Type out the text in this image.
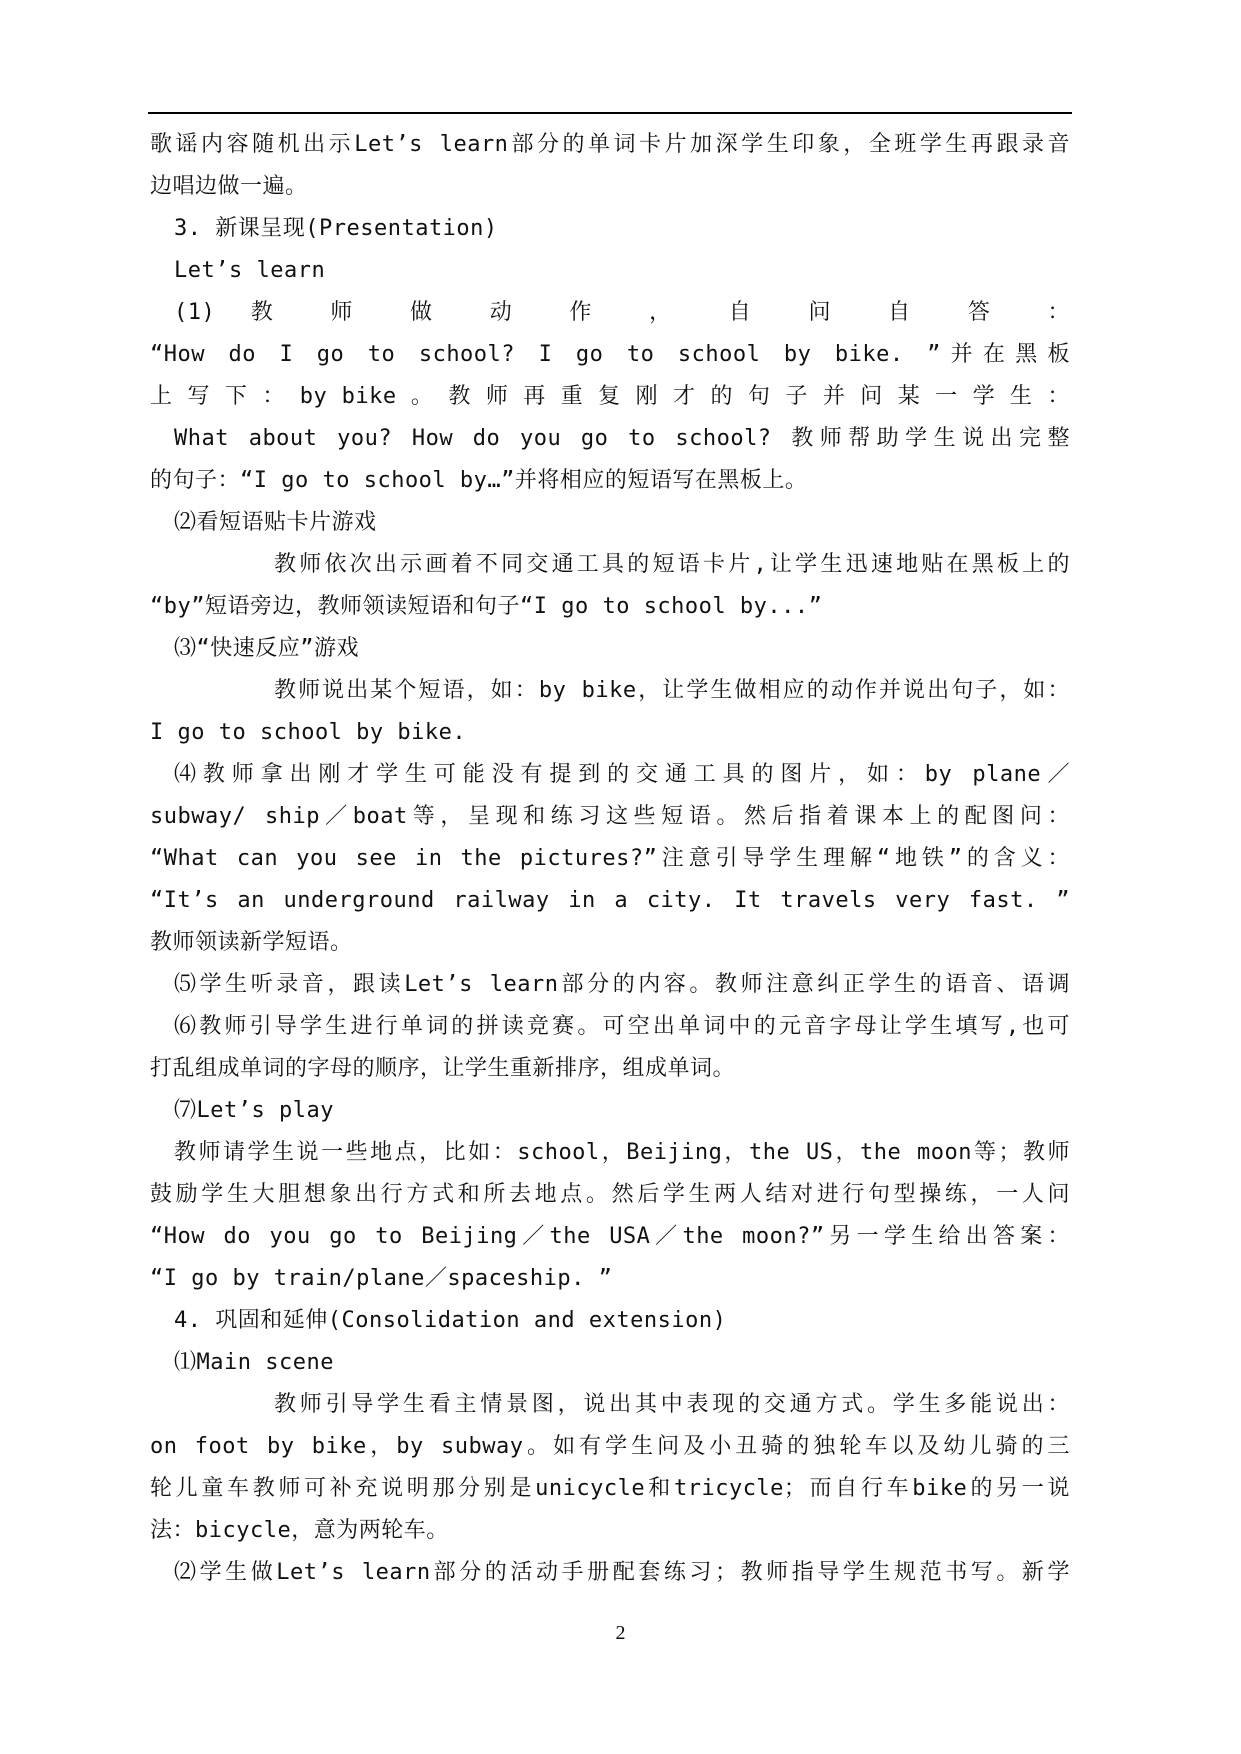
歌谣内容随机出示Let’s learn部分的单词卡片加深学生印象，全班学生再跟录音

边唱边做一遍。

3. 新课呈现(Presentation)

Let’s learn

(1) 教 师 做 动 作 ， 自 问 自 答 ：

“How do I go to school? I go to school by bike. ”并在黑板

上 写 下 ： by bike 。 教 师 再 重 复 刚 才 的 句 子 并 问 某 一 学 生 ：

What about you? How do you go to school? 教师帮助学生说出完整

的句子：“I go to school by…”并将相应的短语写在黑板上。

⑵看短语贴卡片游戏

教师依次出示画着不同交通工具的短语卡片,让学生迅速地贴在黑板上的

“by”短语旁边，教师领读短语和句子“I go to school by...”

⑶“快速反应”游戏

教师说出某个短语，如：by bike，让学生做相应的动作并说出句子，如：

I go to school by bike.

⑷教师拿出刚才学生可能没有提到的交通工具的图片，如：by plane／

subway/ ship／boat等，呈现和练习这些短语。然后指着课本上的配图问：

“What can you see in the pictures?”注意引导学生理解“地铁”的含义：

“It’s an underground railway in a city. It travels very fast. ”

教师领读新学短语。

⑸学生听录音，跟读Let’s learn部分的内容。教师注意纠正学生的语音、语调

⑹教师引导学生进行单词的拼读竞赛。可空出单词中的元音字母让学生填写,也可

打乱组成单词的字母的顺序，让学生重新排序，组成单词。

⑺Let’s play

教师请学生说一些地点，比如：school，Beijing，the US，the moon等；教师

鼓励学生大胆想象出行方式和所去地点。然后学生两人结对进行句型操练，一人问

“How do you go to Beijing／the USA／the moon?”另一学生给出答案：

“I go by train/plane／spaceship. ”

4. 巩固和延伸(Consolidation and extension)

⑴Main scene

教师引导学生看主情景图，说出其中表现的交通方式。学生多能说出：

on foot by bike，by subway。如有学生问及小丑骑的独轮车以及幼儿骑的三

轮儿童车教师可补充说明那分别是unicycle和tricycle；而自行车bike的另一说

法：bicycle，意为两轮车。

⑵学生做Let’s learn部分的活动手册配套练习；教师指导学生规范书写。新学

2
